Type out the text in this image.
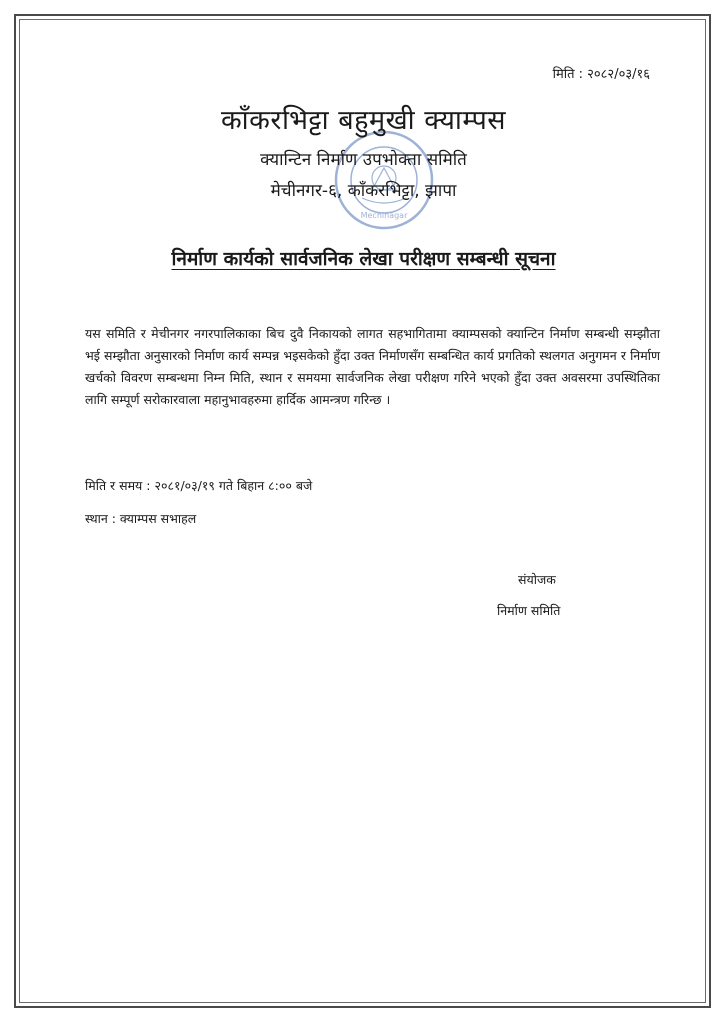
मिति : २०८२/०३/१६
Mechinagar
काँकरभिट्टा बहुमुखी क्याम्पस
क्यान्टिन निर्माण उपभोक्ता समिति
मेचीनगर-६, काँकरभिट्टा, झापा
निर्माण कार्यको सार्वजनिक लेखा परीक्षण सम्बन्धी सूचना
यस समिति र मेचीनगर नगरपालिकाका बिच दुवै निकायको लागत सहभागितामा क्याम्पसको क्यान्टिन निर्माण सम्बन्धी सम्झौता भई सम्झौता अनुसारको निर्माण कार्य सम्पन्न भइसकेको हुँदा उक्त निर्माणसँग सम्बन्धित कार्य प्रगतिको स्थलगत अनुगमन र निर्माण खर्चको विवरण सम्बन्धमा निम्न मिति, स्थान र समयमा सार्वजनिक लेखा परीक्षण गरिने भएको हुँदा उक्त अवसरमा उपस्थितिका लागि सम्पूर्ण सरोकारवाला महानुभावहरुमा हार्दिक आमन्त्रण गरिन्छ ।
मिति र समय : २०८१/०३/१९ गते बिहान ८:०० बजे
स्थान : क्याम्पस सभाहल
संयोजक
निर्माण समिति
